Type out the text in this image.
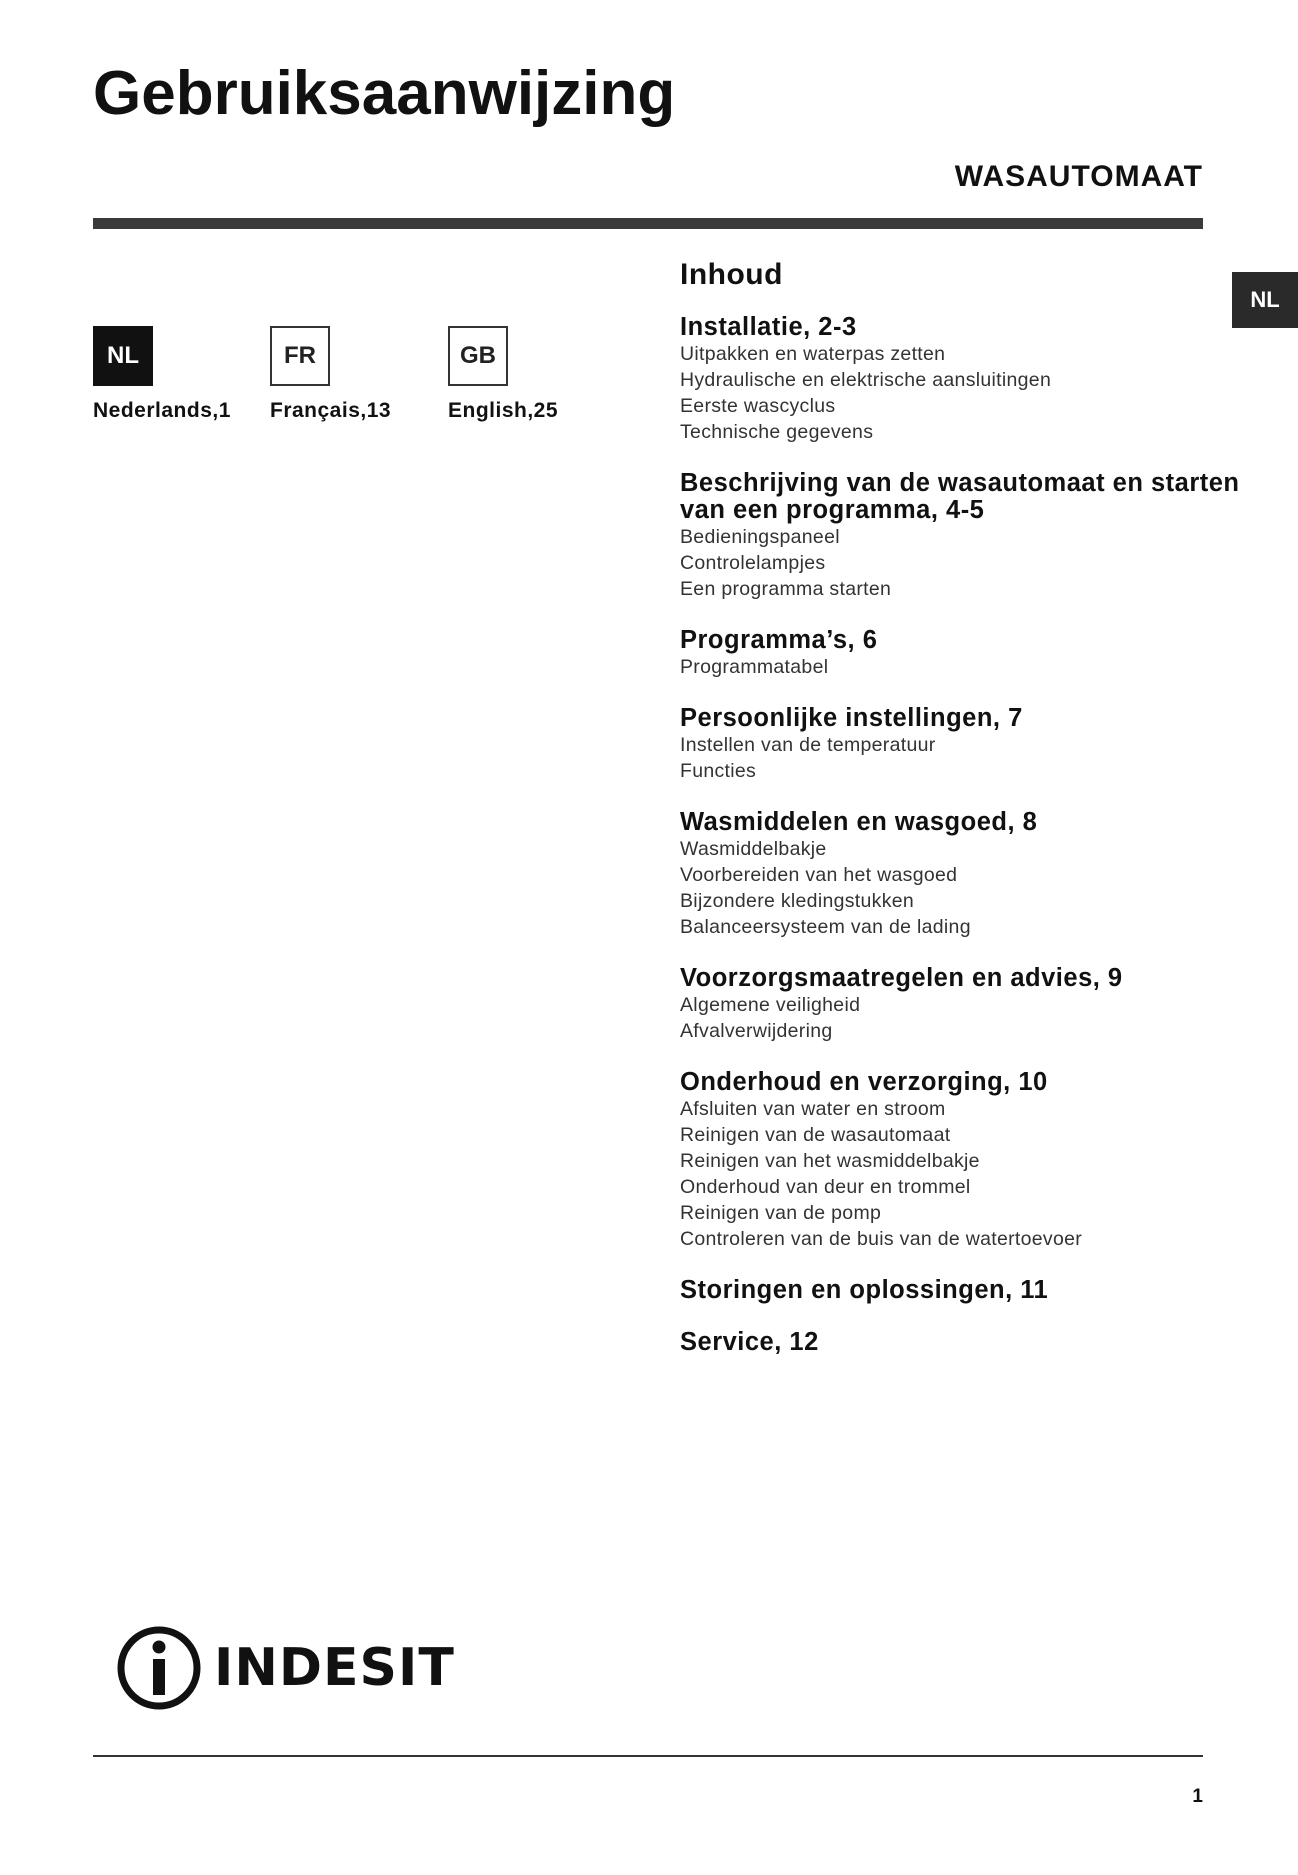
Gebruiksaanwijzing
WASAUTOMAAT
NL
NL
Nederlands,1
FR
Français,13
GB
English,25
Inhoud
Installatie, 2-3
Uitpakken en waterpas zetten
Hydraulische en elektrische aansluitingen
Eerste wascyclus
Technische gegevens
Beschrijving van de wasautomaat en starten van een programma, 4-5
Bedieningspaneel
Controlelampjes
Een programma starten
Programma’s, 6
Programmatabel
Persoonlijke instellingen, 7
Instellen van de temperatuur
Functies
Wasmiddelen en wasgoed, 8
Wasmiddelbakje
Voorbereiden van het wasgoed
Bijzondere kledingstukken
Balanceersysteem van de lading
Voorzorgsmaatregelen en advies, 9
Algemene veiligheid
Afvalverwijdering
Onderhoud en verzorging, 10
Afsluiten van water en stroom
Reinigen van de wasautomaat
Reinigen van het wasmiddelbakje
Onderhoud van deur en trommel
Reinigen van de pomp
Controleren van de buis van de watertoevoer
Storingen en oplossingen, 11
Service, 12
INDESIT
1
